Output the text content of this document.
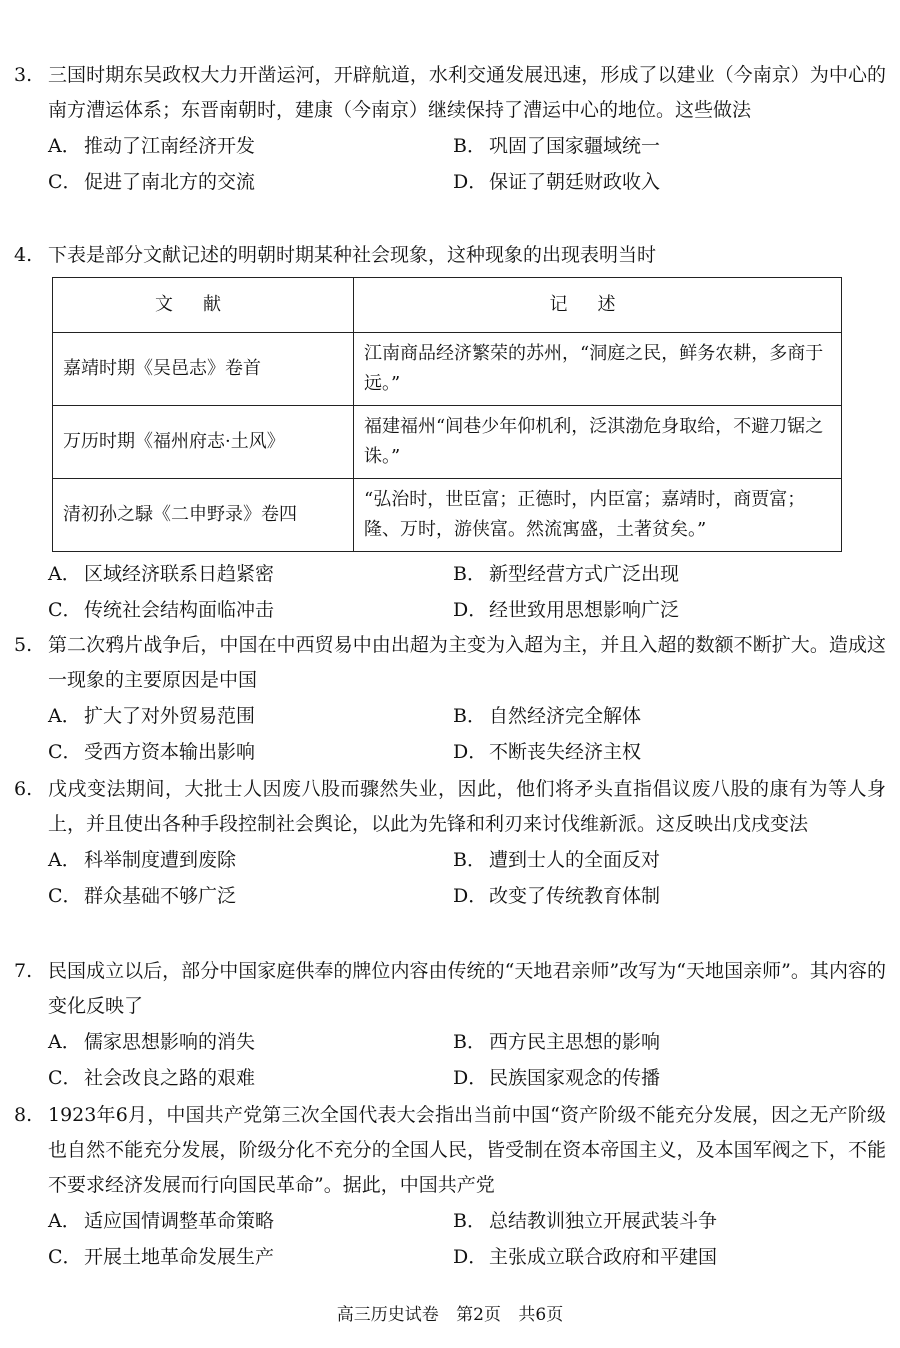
3. 三国时期东吴政权大力开凿运河，开辟航道，水利交通发展迅速，形成了以建业（今南京）为中心的南方漕运体系；东晋南朝时，建康（今南京）继续保持了漕运中心的地位。这些做法
A． 推动了江南经济开发	B． 巩固了国家疆域统一
C． 促进了南北方的交流	D．保证了朝廷财政收入
4. 下表是部分文献记述的明朝时期某种社会现象，这种现象的出现表明当时
文献	记述
嘉靖时期《吴邑志》卷首	江南商品经济繁荣的苏州，“洞庭之民，鲜务农耕，多商于远。”
万历时期《福州府志·土风》	福建福州“闾巷少年仰机利，泛淇渤危身取给，不避刀锯之诛。”
清初孙之騄《二申野录》卷四	“弘治时，世臣富；正德时，内臣富；嘉靖时，商贾富；隆、万时，游侠富。然流寓盛，土著贫矣。”
A． 区域经济联系日趋紧密	B． 新型经营方式广泛出现
C． 传统社会结构面临冲击	D．经世致用思想影响广泛
5. 第二次鸦片战争后，中国在中西贸易中由出超为主变为入超为主，并且入超的数额不断扩大。造成这一现象的主要原因是中国
A． 扩大了对外贸易范围	B． 自然经济完全解体
C． 受西方资本输出影响	D．不断丧失经济主权
6. 戊戌变法期间，大批士人因废八股而骤然失业，因此，他们将矛头直指倡议废八股的康有为等人身上，并且使出各种手段控制社会舆论，以此为先锋和利刃来讨伐维新派。这反映出戊戌变法
A． 科举制度遭到废除	B． 遭到士人的全面反对
C． 群众基础不够广泛	D．改变了传统教育体制
7. 民国成立以后，部分中国家庭供奉的牌位内容由传统的“天地君亲师”改写为“天地国亲师”。其内容的变化反映了
A． 儒家思想影响的消失	B． 西方民主思想的影响
C． 社会改良之路的艰难	D．民族国家观念的传播
8. 1923年6月，中国共产党第三次全国代表大会指出当前中国“资产阶级不能充分发展，因之无产阶级也自然不能充分发展，阶级分化不充分的全国人民，皆受制在资本帝国主义，及本国军阀之下，不能不要求经济发展而行向国民革命”。据此，中国共产党
A． 适应国情调整革命策略	B． 总结教训独立开展武装斗争
C． 开展土地革命发展生产	D．主张成立联合政府和平建国
高三历史试卷 第2页 共6页
